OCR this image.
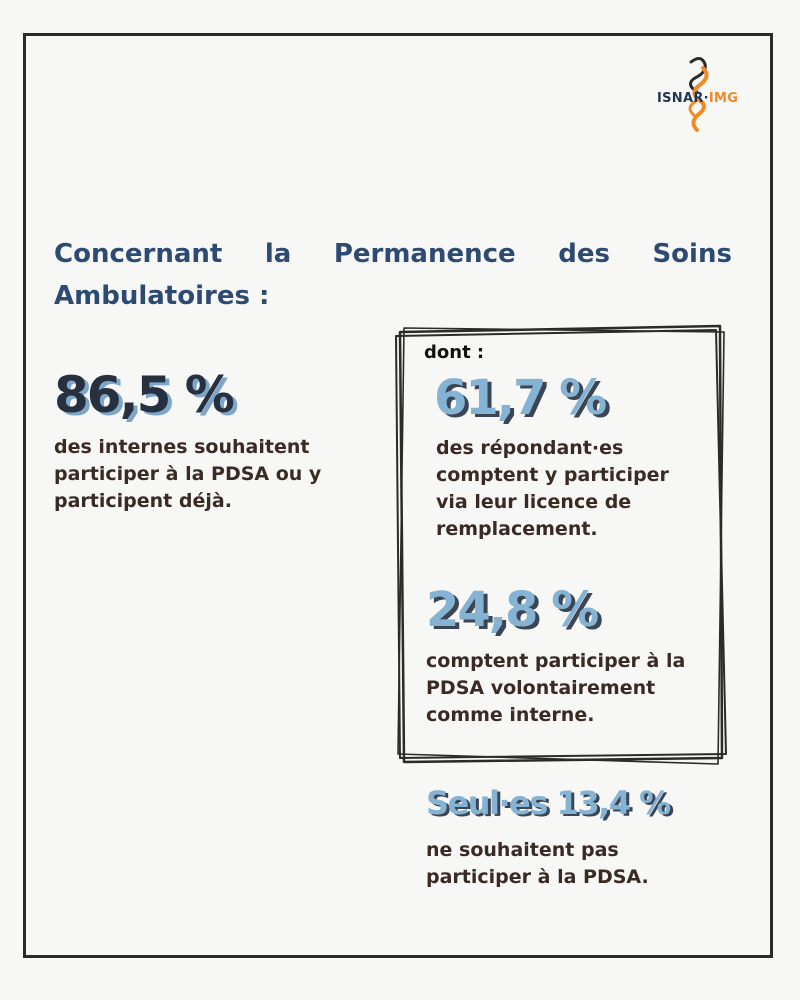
ISNAR·IMG
Concernant la Permanence des Soins
Ambulatoires :
86,5 %
des internes souhaitent
participer à la PDSA ou y
participent déjà.
dont :
61,7 %
des répondant·es
comptent y participer
via leur licence de
remplacement.
24,8 %
comptent participer à la
PDSA volontairement
comme interne.
Seul·es 13,4 %
ne souhaitent pas
participer à la PDSA.
